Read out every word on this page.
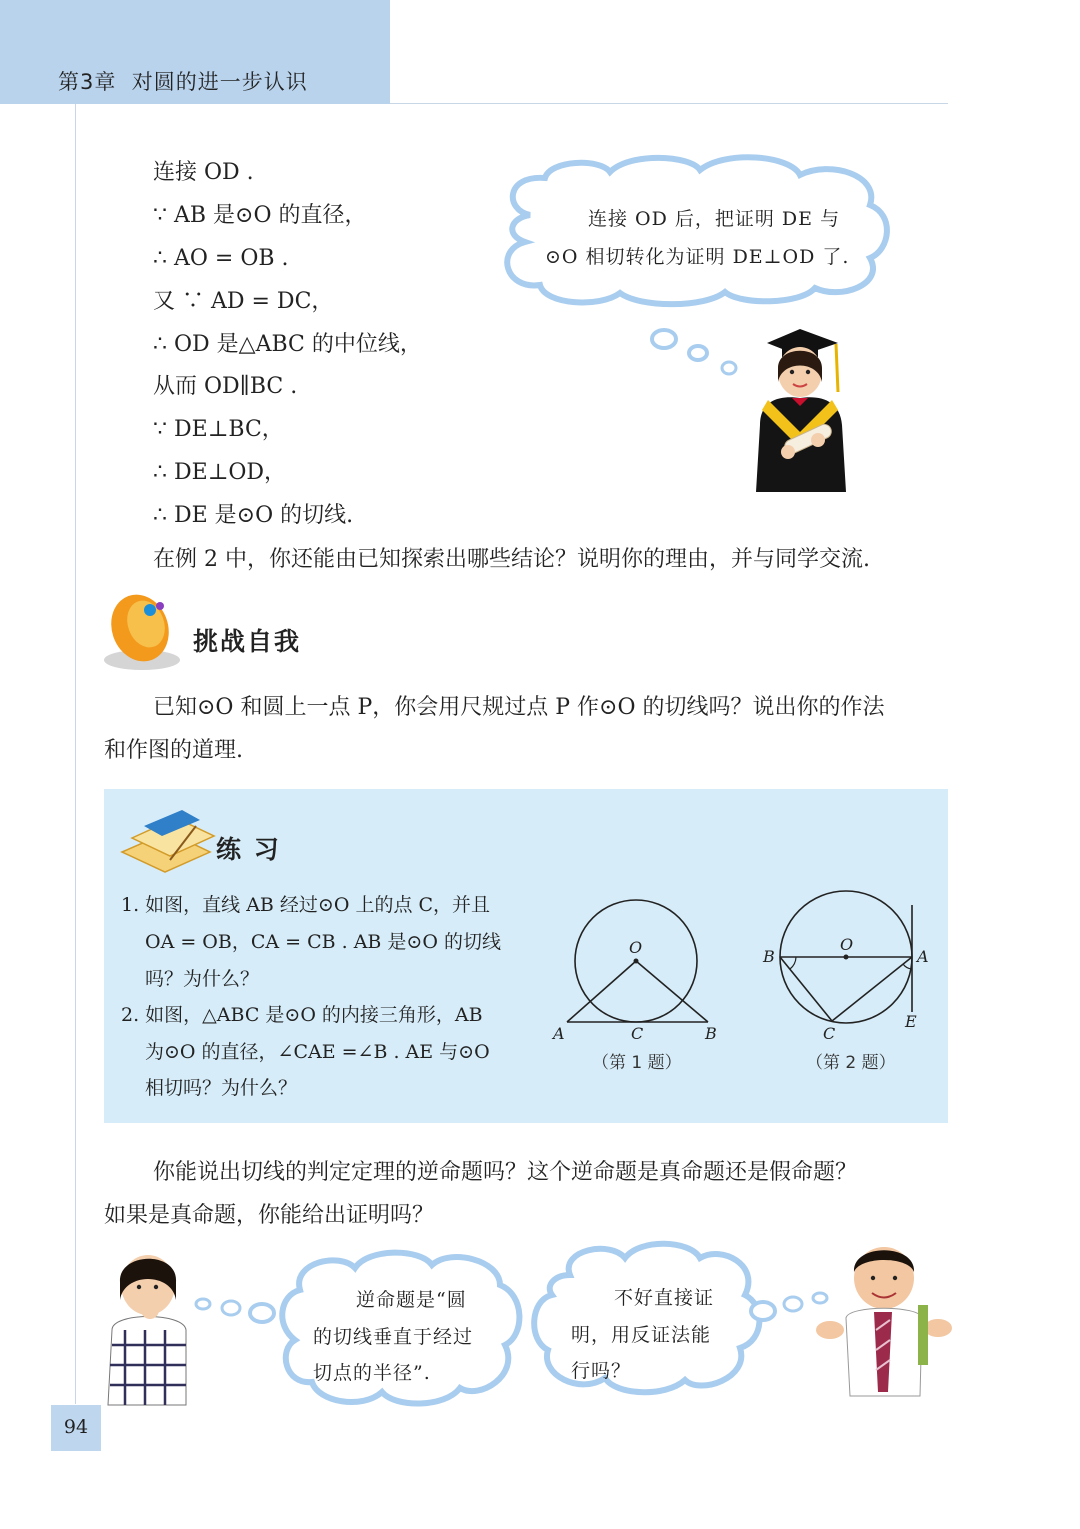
第3章 对圆的进一步认识
连接 OD .
∵ AB 是⊙O 的直径，
∴ AO = OB .
又 ∵ AD = DC，
∴ OD 是△ABC 的中位线，
从而 OD∥BC .
∵ DE⊥BC，
∴ DE⊥OD，
∴ DE 是⊙O 的切线.
连接 OD 后，把证明 DE 与
⊙O 相切转化为证明 DE⊥OD 了.
在例 2 中，你还能由已知探索出哪些结论？说明你的理由，并与同学交流.
挑战自我
已知⊙O 和圆上一点 P，你会用尺规过点 P 作⊙O 的切线吗？说出你的作法
和作图的道理.
练 习
1. 如图，直线 AB 经过⊙O 上的点 C，并且
OA = OB，CA = CB . AB 是⊙O 的切线
吗？为什么？
2. 如图，△ABC 是⊙O 的内接三角形，AB
为⊙O 的直径，∠CAE =∠B . AE 与⊙O
相切吗？为什么？
O
A	B
C
（第 1 题）
O
B	A
C
E
（第 2 题）
你能说出切线的判定定理的逆命题吗？这个逆命题是真命题还是假命题？
如果是真命题，你能给出证明吗？
逆命题是“圆
的切线垂直于经过
切点的半径”.
不好直接证
明，用反证法能
行吗？
94
